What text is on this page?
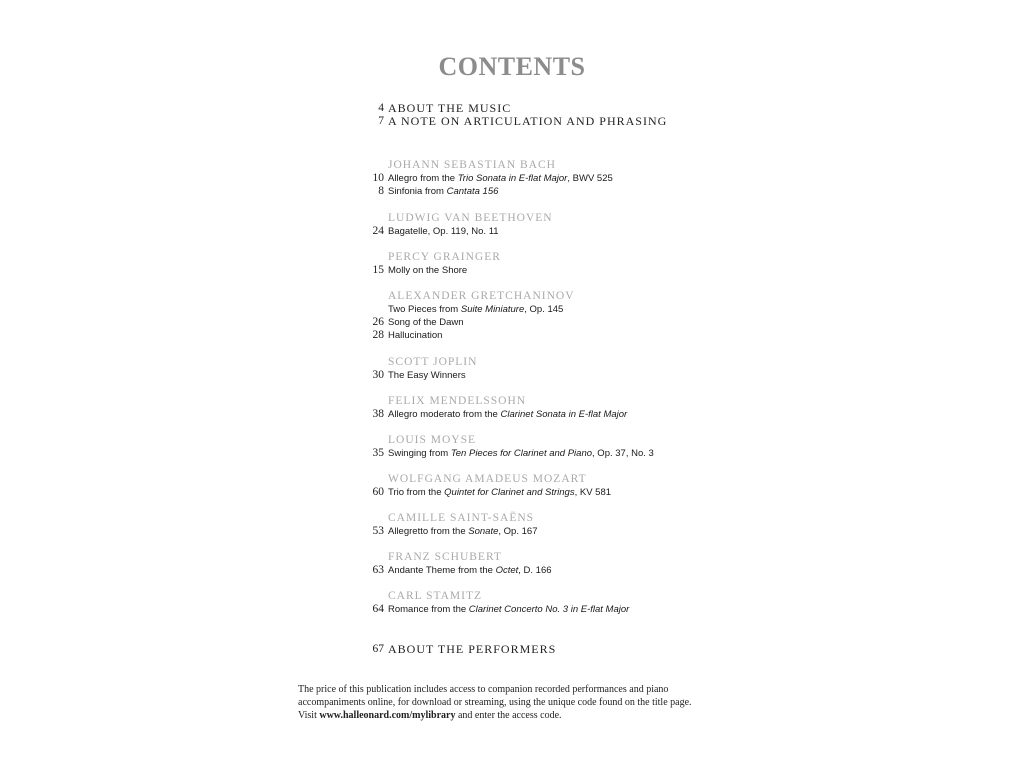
CONTENTS
4 ABOUT THE MUSIC
7 A NOTE ON ARTICULATION AND PHRASING
JOHANN SEBASTIAN BACH
10 Allegro from the Trio Sonata in E-flat Major, BWV 525
8 Sinfonia from Cantata 156
LUDWIG VAN BEETHOVEN
24 Bagatelle, Op. 119, No. 11
PERCY GRAINGER
15 Molly on the Shore
ALEXANDER GRETCHANINOV
Two Pieces from Suite Miniature, Op. 145
26 Song of the Dawn
28 Hallucination
SCOTT JOPLIN
30 The Easy Winners
FELIX MENDELSSOHN
38 Allegro moderato from the Clarinet Sonata in E-flat Major
LOUIS MOYSE
35 Swinging from Ten Pieces for Clarinet and Piano, Op. 37, No. 3
WOLFGANG AMADEUS MOZART
60 Trio from the Quintet for Clarinet and Strings, KV 581
CAMILLE SAINT-SAËNS
53 Allegretto from the Sonate, Op. 167
FRANZ SCHUBERT
63 Andante Theme from the Octet, D. 166
CARL STAMITZ
64 Romance from the Clarinet Concerto No. 3 in E-flat Major
67 ABOUT THE PERFORMERS
The price of this publication includes access to companion recorded performances and piano
accompaniments online, for download or streaming, using the unique code found on the title page.
Visit www.halleonard.com/mylibrary and enter the access code.
